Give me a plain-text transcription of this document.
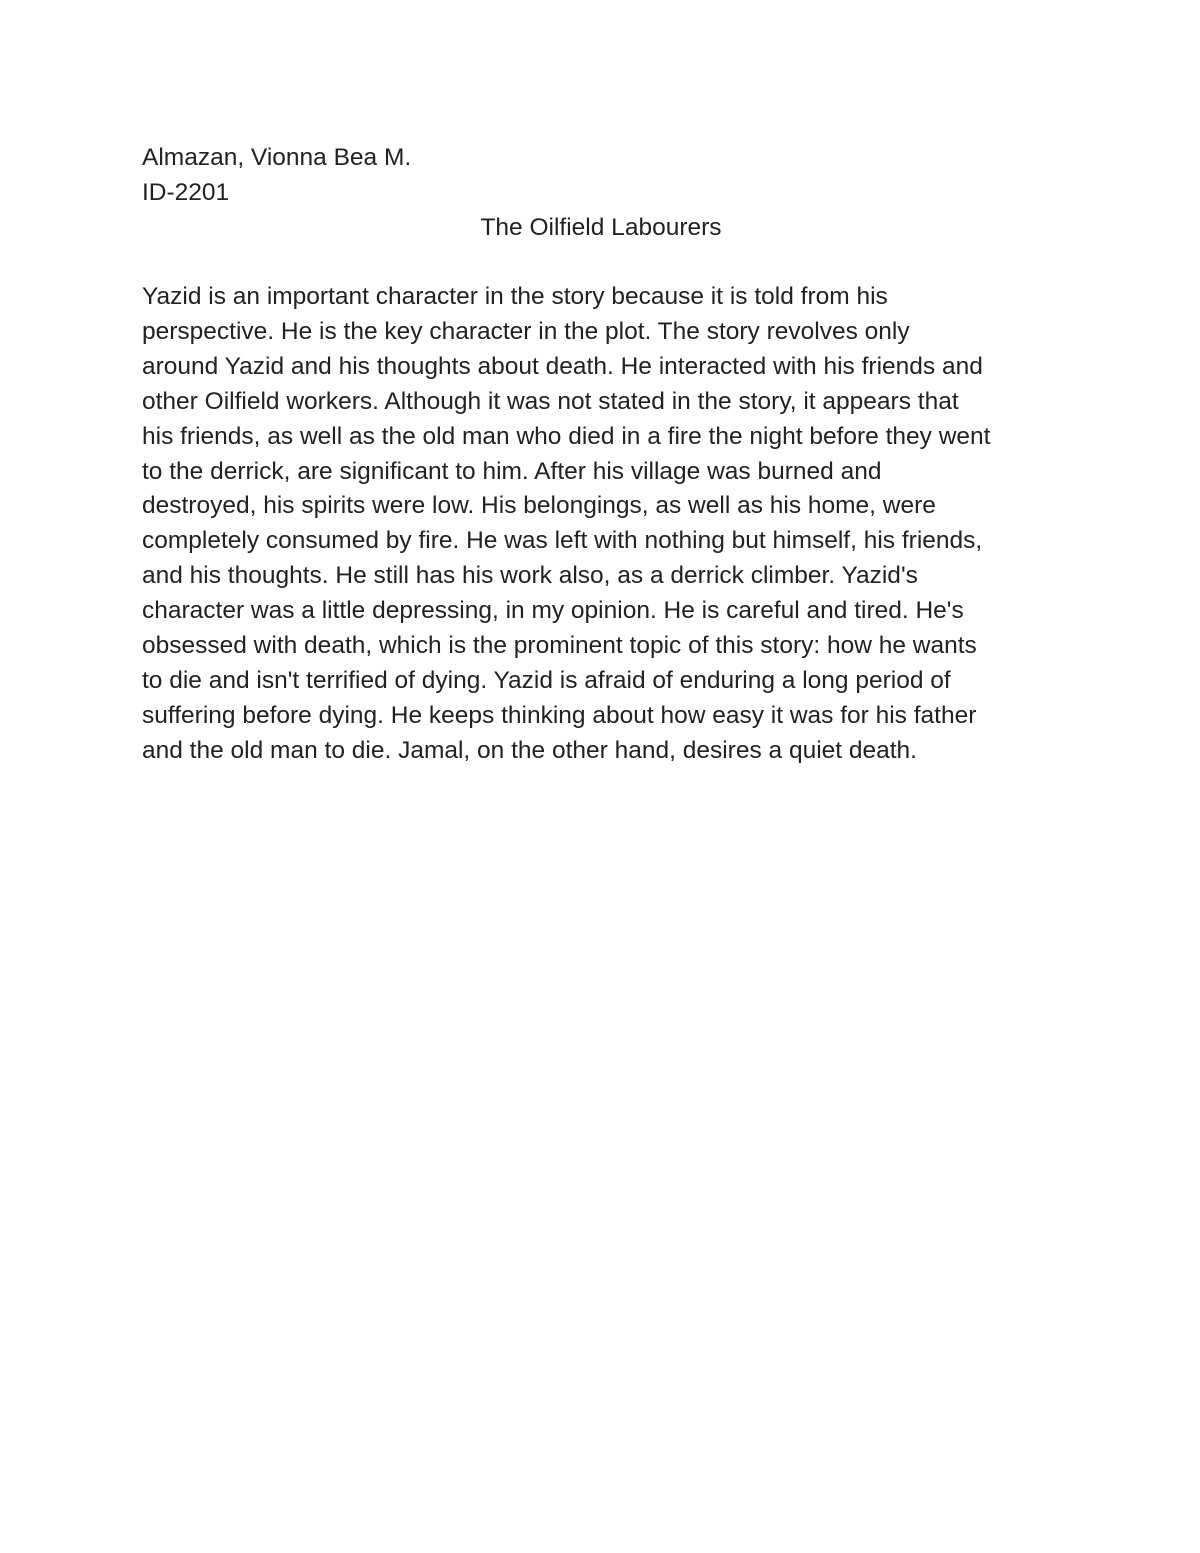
Almazan, Vionna Bea M.

ID-2201

The Oilfield Labourers

Yazid is an important character in the story because it is told from his
perspective. He is the key character in the plot. The story revolves only
around Yazid and his thoughts about death. He interacted with his friends and
other Oilfield workers. Although it was not stated in the story, it appears that
his friends, as well as the old man who died in a fire the night before they went
to the derrick, are significant to him. After his village was burned and
destroyed, his spirits were low. His belongings, as well as his home, were
completely consumed by fire. He was left with nothing but himself, his friends,
and his thoughts. He still has his work also, as a derrick climber. Yazid's
character was a little depressing, in my opinion. He is careful and tired. He's
obsessed with death, which is the prominent topic of this story: how he wants
to die and isn't terrified of dying. Yazid is afraid of enduring a long period of
suffering before dying. He keeps thinking about how easy it was for his father
and the old man to die. Jamal, on the other hand, desires a quiet death.
